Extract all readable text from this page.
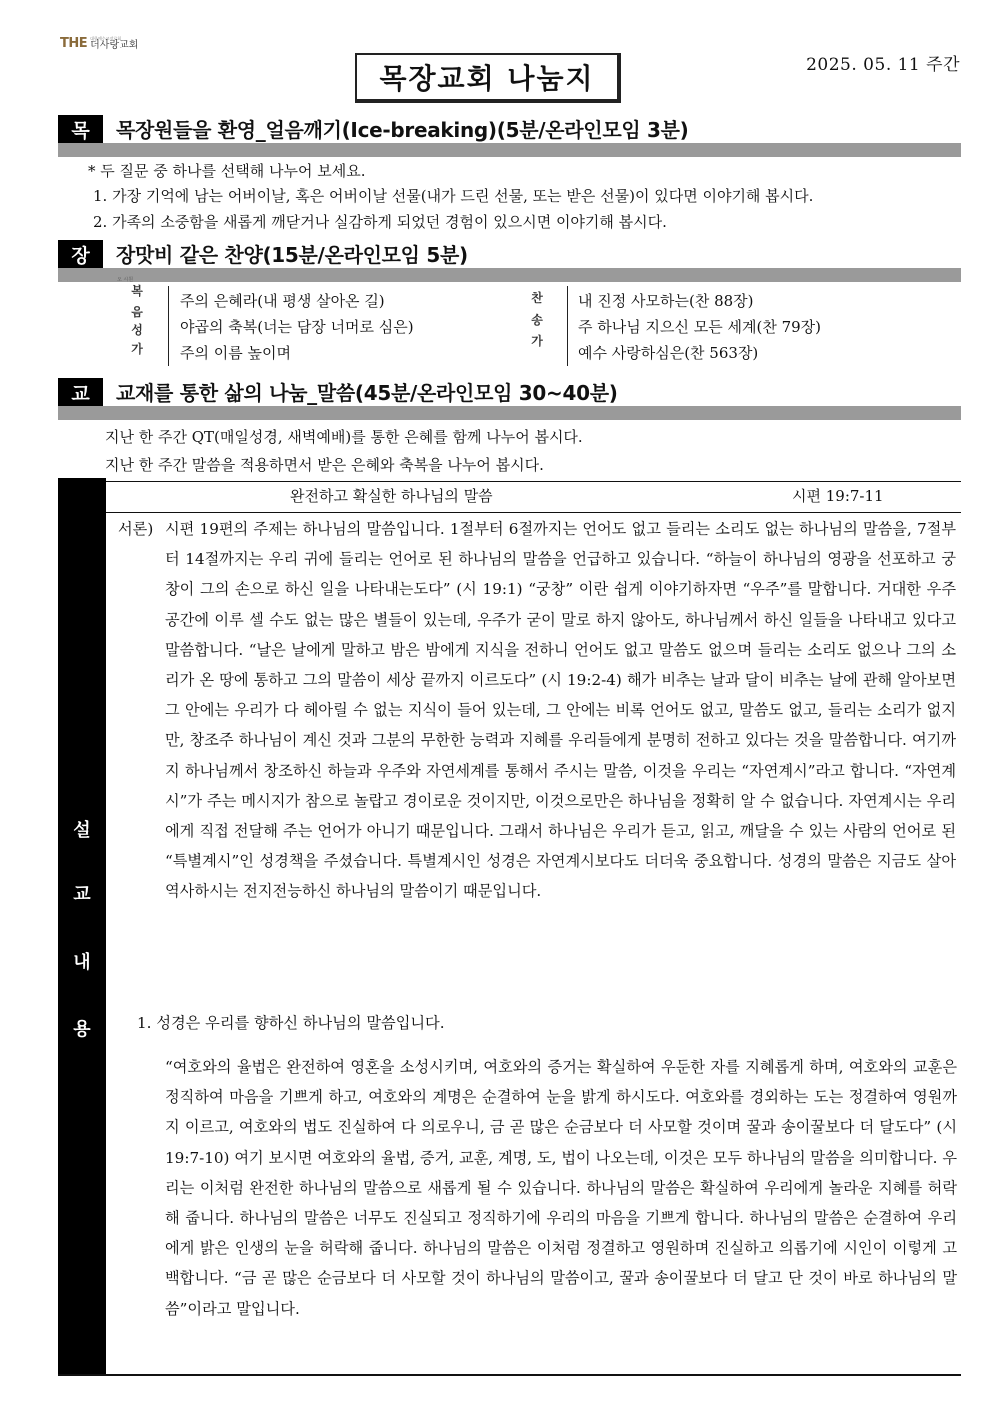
THE 대한예수교장로회
더사랑교회
2025. 05. 11 주간
목장교회 나눔지
목	목장원들을 환영_얼음깨기(Ice-breaking)(5분/온라인모임 3분)
* 두 질문 중 하나를 선택해 나누어 보세요.
1. 가장 기억에 남는 어버이날, 혹은 어버이날 선물(내가 드린 선물, 또는 받은 선물)이 있다면 이야기해 봅시다.
2. 가족의 소중함을 새롭게 깨닫거나 실감하게 되었던 경험이 있으시면 이야기해 봅시다.
장	장맛비 같은 찬양(15분/온라인모임 5분)
오 시원
복
음
성
가
주의 은혜라(내 평생 살아온 길)
야곱의 축복(너는 담장 너머로 심은)
주의 이름 높이며
찬
송
가
내 진정 사모하는(찬 88장)
주 하나님 지으신 모든 세계(찬 79장)
예수 사랑하심은(찬 563장)
교	교재를 통한 삶의 나눔_말씀(45분/온라인모임 30~40분)
지난 한 주간 QT(매일성경, 새벽예배)를 통한 은혜를 함께 나누어 봅시다.
지난 한 주간 말씀을 적용하면서 받은 은혜와 축복을 나누어 봅시다.
설
교
내
용
완전하고 확실한 하나님의 말씀	시편 19:7-11
서론) 시편 19편의 주제는 하나님의 말씀입니다. 1절부터 6절까지는 언어도 없고 들리는 소리도 없는 하나님의 말씀을, 7절부터 14절까지는 우리 귀에 들리는 언어로 된 하나님의 말씀을 언급하고 있습니다. “하늘이 하나님의 영광을 선포하고 궁창이 그의 손으로 하신 일을 나타내는도다” (시 19:1) “궁창” 이란 쉽게 이야기하자면 “우주”를 말합니다. 거대한 우주 공간에 이루 셀 수도 없는 많은 별들이 있는데, 우주가 굳이 말로 하지 않아도, 하나님께서 하신 일들을 나타내고 있다고 말씀합니다. “날은 날에게 말하고 밤은 밤에게 지식을 전하니 언어도 없고 말씀도 없으며 들리는 소리도 없으나 그의 소리가 온 땅에 통하고 그의 말씀이 세상 끝까지 이르도다” (시 19:2-4) 해가 비추는 날과 달이 비추는 날에 관해 알아보면 그 안에는 우리가 다 헤아릴 수 없는 지식이 들어 있는데, 그 안에는 비록 언어도 없고, 말씀도 없고, 들리는 소리가 없지만, 창조주 하나님이 계신 것과 그분의 무한한 능력과 지혜를 우리들에게 분명히 전하고 있다는 것을 말씀합니다. 여기까지 하나님께서 창조하신 하늘과 우주와 자연세계를 통해서 주시는 말씀, 이것을 우리는 “자연계시”라고 합니다. “자연계시”가 주는 메시지가 참으로 놀랍고 경이로운 것이지만, 이것으로만은 하나님을 정확히 알 수 없습니다. 자연계시는 우리에게 직접 전달해 주는 언어가 아니기 때문입니다. 그래서 하나님은 우리가 듣고, 읽고, 깨달을 수 있는 사람의 언어로 된 “특별계시”인 성경책을 주셨습니다. 특별계시인 성경은 자연계시보다도 더더욱 중요합니다. 성경의 말씀은 지금도 살아 역사하시는 전지전능하신 하나님의 말씀이기 때문입니다.
1. 성경은 우리를 향하신 하나님의 말씀입니다.
“여호와의 율법은 완전하여 영혼을 소성시키며, 여호와의 증거는 확실하여 우둔한 자를 지혜롭게 하며, 여호와의 교훈은 정직하여 마음을 기쁘게 하고, 여호와의 계명은 순결하여 눈을 밝게 하시도다. 여호와를 경외하는 도는 정결하여 영원까지 이르고, 여호와의 법도 진실하여 다 의로우니, 금 곧 많은 순금보다 더 사모할 것이며 꿀과 송이꿀보다 더 달도다” (시 19:7-10) 여기 보시면 여호와의 율법, 증거, 교훈, 계명, 도, 법이 나오는데, 이것은 모두 하나님의 말씀을 의미합니다. 우리는 이처럼 완전한 하나님의 말씀으로 새롭게 될 수 있습니다. 하나님의 말씀은 확실하여 우리에게 놀라운 지혜를 허락해 줍니다. 하나님의 말씀은 너무도 진실되고 정직하기에 우리의 마음을 기쁘게 합니다. 하나님의 말씀은 순결하여 우리에게 밝은 인생의 눈을 허락해 줍니다. 하나님의 말씀은 이처럼 정결하고 영원하며 진실하고 의롭기에 시인이 이렇게 고백합니다. “금 곧 많은 순금보다 더 사모할 것이 하나님의 말씀이고, 꿀과 송이꿀보다 더 달고 단 것이 바로 하나님의 말씀”이라고 말입니다.
